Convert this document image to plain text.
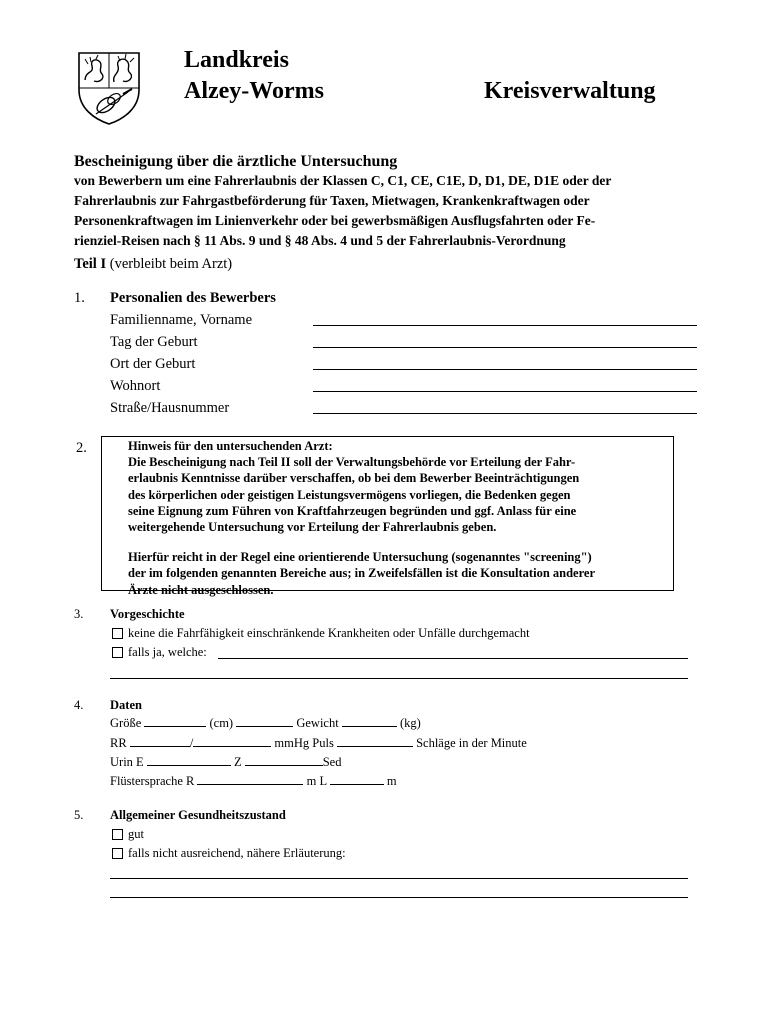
Landkreis
Alzey-Worms	Kreisverwaltung
Bescheinigung über die ärztliche Untersuchung
von Bewerbern um eine Fahrerlaubnis der Klassen C, C1, CE, C1E, D, D1, DE, D1E oder der
Fahrerlaubnis zur Fahrgastbeförderung für Taxen, Mietwagen, Krankenkraftwagen oder
Personenkraftwagen im Linienverkehr oder bei gewerbsmäßigen Ausflugsfahrten oder Fe-
rienziel-Reisen nach § 11 Abs. 9 und § 48 Abs. 4 und 5 der Fahrerlaubnis-Verordnung
Teil I (verbleibt beim Arzt)
1. Personalien des Bewerbers
Familienname, Vorname
Tag der Geburt
Ort der Geburt
Wohnort
Straße/Hausnummer
2.	Hinweis für den untersuchenden Arzt:
Die Bescheinigung nach Teil II soll der Verwaltungsbehörde vor Erteilung der Fahr-
erlaubnis Kenntnisse darüber verschaffen, ob bei dem Bewerber Beeinträchtigungen
des körperlichen oder geistigen Leistungsvermögens vorliegen, die Bedenken gegen
seine Eignung zum Führen von Kraftfahrzeugen begründen und ggf. Anlass für eine
weitergehende Untersuchung vor Erteilung der Fahrerlaubnis geben.
Hierfür reicht in der Regel eine orientierende Untersuchung (sogenanntes "screening")
der im folgenden genannten Bereiche aus; in Zweifelsfällen ist die Konsultation anderer
Ärzte nicht ausgeschlossen.
3. Vorgeschichte
keine die Fahrfähigkeit einschränkende Krankheiten oder Unfälle durchgemacht
falls ja, welche:
4. Daten
Größe	(cm)	Gewicht	(kg)
RR	/	mmHg Puls	Schläge in der Minute
Urin E	Z	Sed
Flüstersprache R	m L	m
5. Allgemeiner Gesundheitszustand
gut
falls nicht ausreichend, nähere Erläuterung:
